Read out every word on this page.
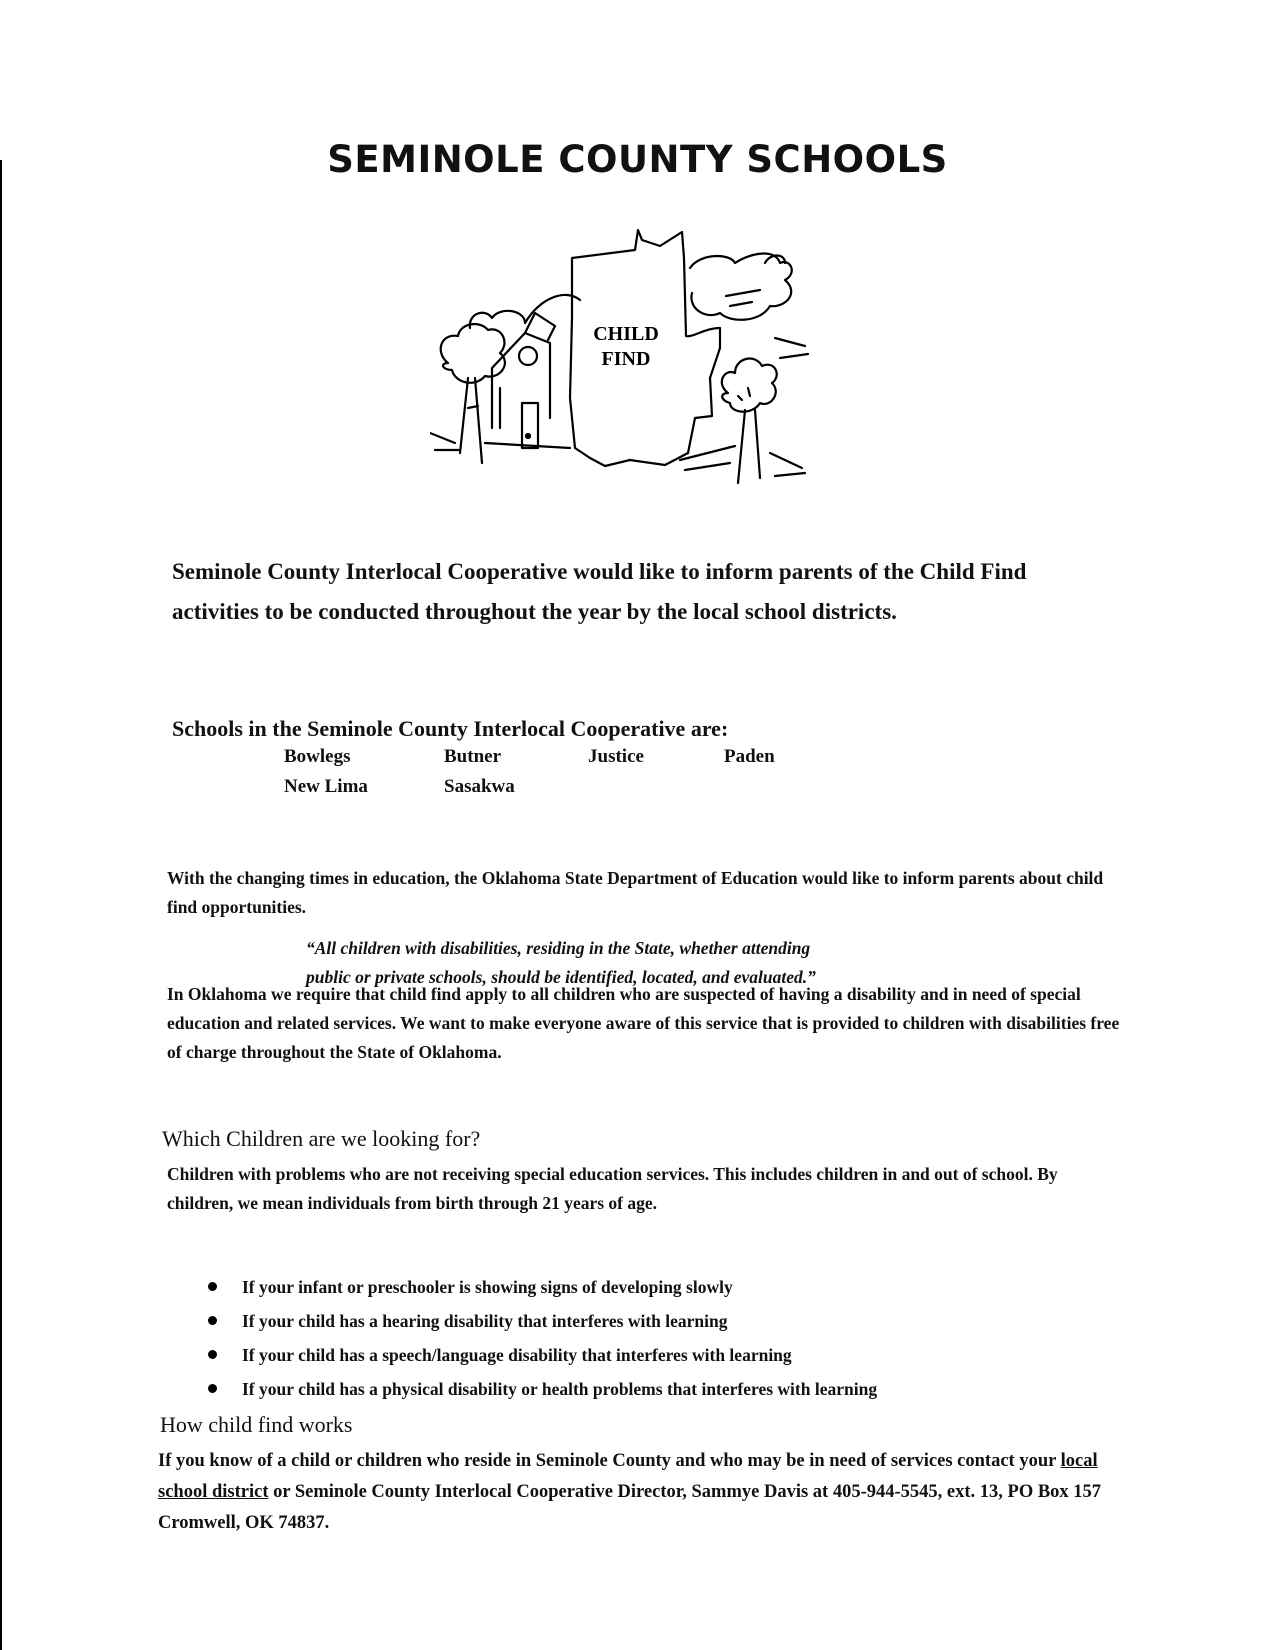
SEMINOLE COUNTY SCHOOLS
CHILD
FIND
Seminole County Interlocal Cooperative would like to inform parents of the Child Find activities to be conducted throughout the year by the local school districts.
Schools in the Seminole County Interlocal Cooperative are:
Bowlegs	Butner	Justice	Paden
New Lima	Sasakwa
With the changing times in education, the Oklahoma State Department of Education would like to inform parents about child find opportunities.
“All children with disabilities, residing in the State, whether attending
public or private schools, should be identified, located, and evaluated.”
In Oklahoma we require that child find apply to all children who are suspected of having a disability and in need of special education and related services. We want to make everyone aware of this service that is provided to children with disabilities free of charge throughout the State of Oklahoma.
Which Children are we looking for?
Children with problems who are not receiving special education services. This includes children in and out of school. By children, we mean individuals from birth through 21 years of age.
If your infant or preschooler is showing signs of developing slowly
If your child has a hearing disability that interferes with learning
If your child has a speech/language disability that interferes with learning
If your child has a physical disability or health problems that interferes with learning
How child find works
If you know of a child or children who reside in Seminole County and who may be in need of services contact your local school district or Seminole County Interlocal Cooperative Director, Sammye Davis at 405-944-5545, ext. 13, PO Box 157 Cromwell, OK 74837.
